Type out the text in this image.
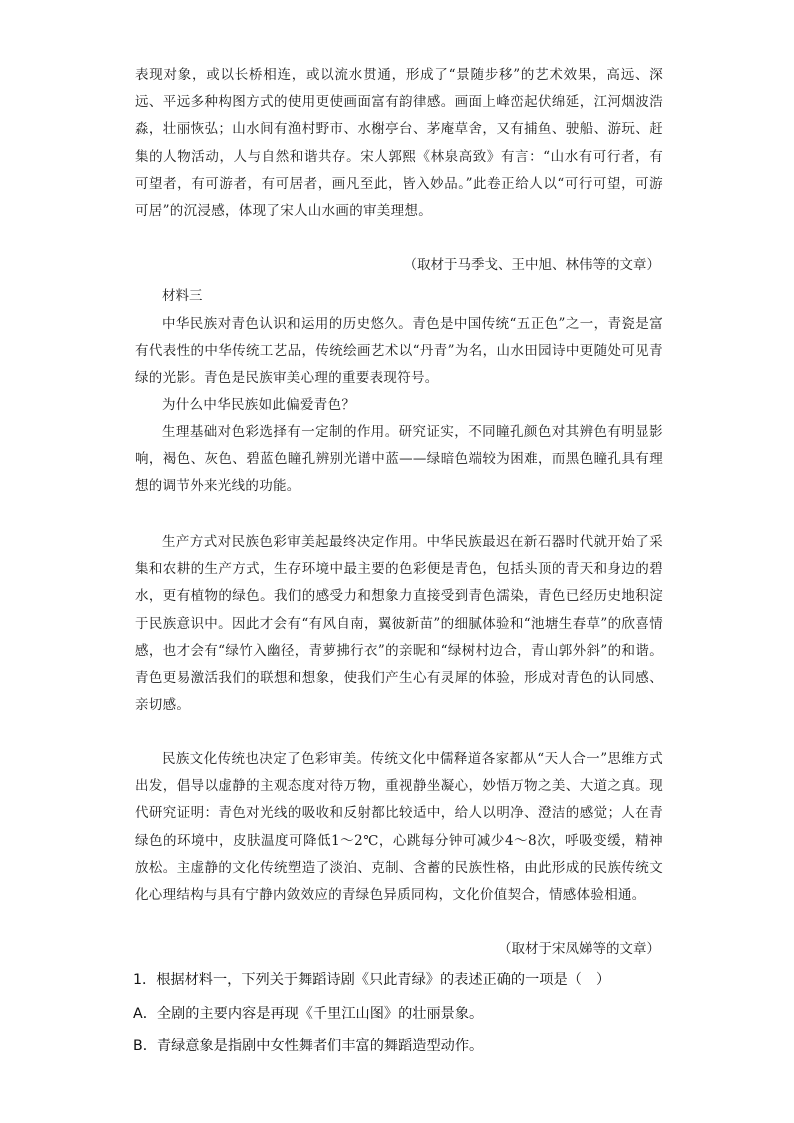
表现对象，或以长桥相连，或以流水贯通，形成了“景随步移”的艺术效果，高远、深远、平远多种构图方式的使用更使画面富有韵律感。画面上峰峦起伏绵延，江河烟波浩淼，壮丽恢弘；山水间有渔村野市、水榭亭台、茅庵草舍，又有捕鱼、驶船、游玩、赶集的人物活动，人与自然和谐共存。宋人郭熙《林泉高致》有言：“山水有可行者，有可望者，有可游者，有可居者，画凡至此，皆入妙品。”此卷正给人以“可行可望，可游可居”的沉浸感，体现了宋人山水画的审美理想。

（取材于马季戈、王中旭、林伟等的文章）

材料三

中华民族对青色认识和运用的历史悠久。青色是中国传统“五正色”之一，青瓷是富有代表性的中华传统工艺品，传统绘画艺术以“丹青”为名，山水田园诗中更随处可见青绿的光影。青色是民族审美心理的重要表现符号。

为什么中华民族如此偏爱青色？

生理基础对色彩选择有一定制的作用。研究证实，不同瞳孔颜色对其辨色有明显影响，褐色、灰色、碧蓝色瞳孔辨别光谱中蓝——绿暗色端较为困难，而黑色瞳孔具有理想的调节外来光线的功能。

生产方式对民族色彩审美起最终决定作用。中华民族最迟在新石器时代就开始了采集和农耕的生产方式，生存环境中最主要的色彩便是青色，包括头顶的青天和身边的碧水，更有植物的绿色。我们的感受力和想象力直接受到青色濡染，青色已经历史地积淀于民族意识中。因此才会有“有风自南，翼彼新苗”的细腻体验和“池塘生春草”的欣喜情感，也才会有“绿竹入幽径，青萝拂行衣”的亲昵和“绿树村边合，青山郭外斜”的和谐。青色更易激活我们的联想和想象，使我们产生心有灵犀的体验，形成对青色的认同感、亲切感。

民族文化传统也决定了色彩审美。传统文化中儒释道各家都从“天人合一”思维方式出发，倡导以虚静的主观态度对待万物，重视静坐凝心，妙悟万物之美、大道之真。现代研究证明：青色对光线的吸收和反射都比较适中，给人以明净、澄洁的感觉；人在青绿色的环境中，皮肤温度可降低1～2℃，心跳每分钟可减少4～8次，呼吸变缓，精神放松。主虚静的文化传统塑造了淡泊、克制、含蓄的民族性格，由此形成的民族传统文化心理结构与具有宁静内敛效应的青绿色异质同构，文化价值契合，情感体验相通。

（取材于宋凤娣等的文章）

1．根据材料一，下列关于舞蹈诗剧《只此青绿》的表述正确的一项是（　）

A．全剧的主要内容是再现《千里江山图》的壮丽景象。

B．青绿意象是指剧中女性舞者们丰富的舞蹈造型动作。
